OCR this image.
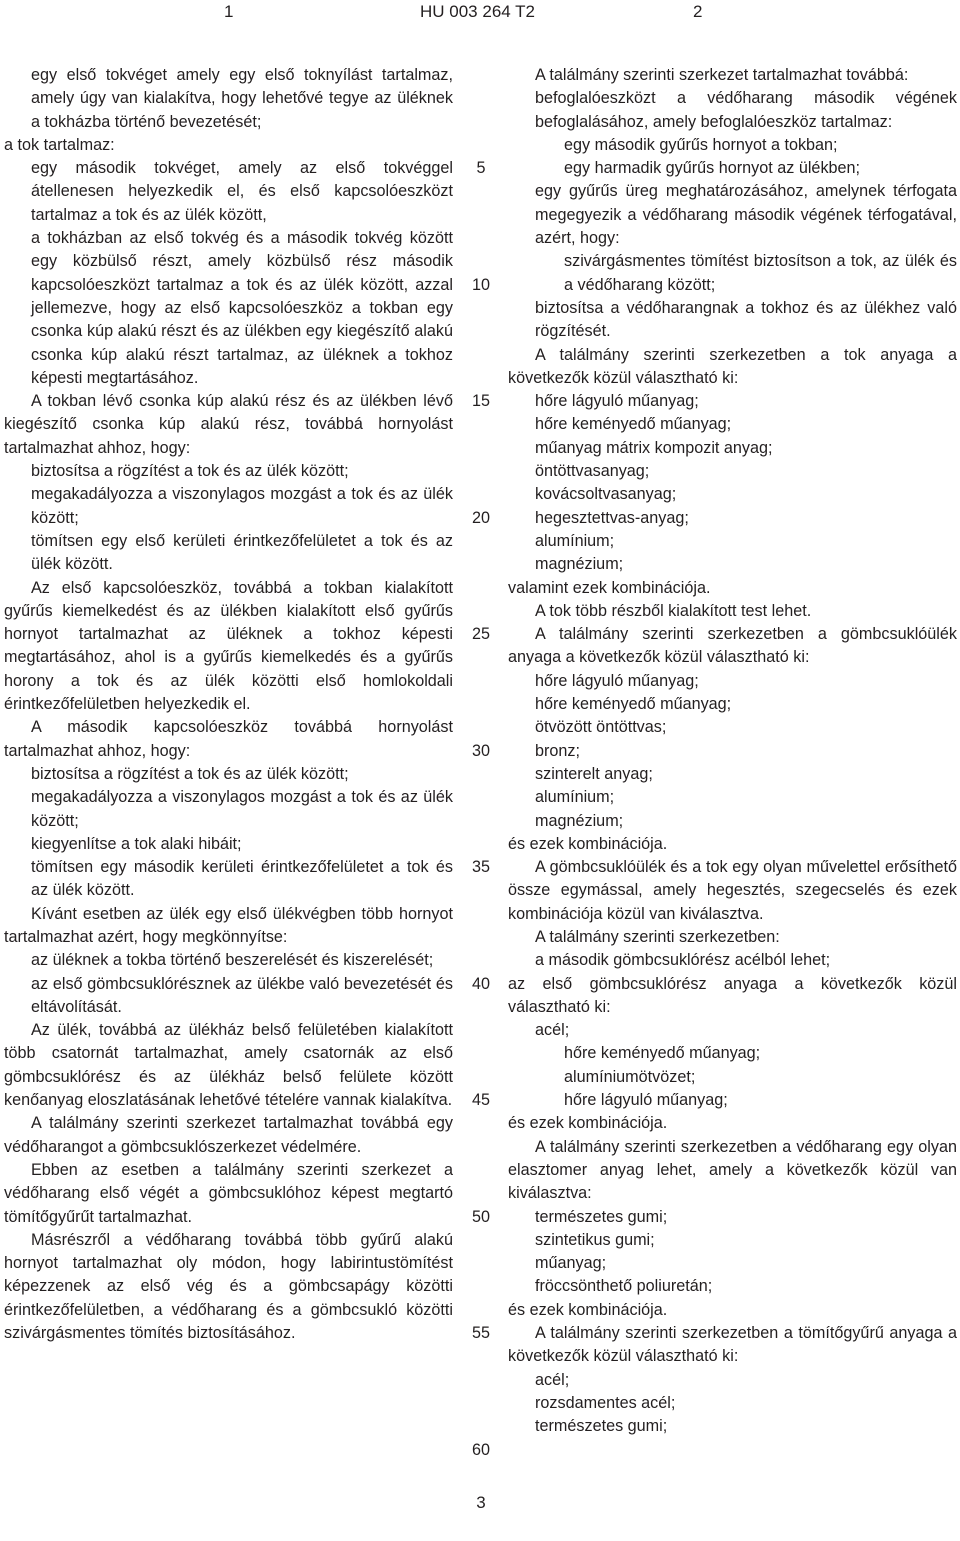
1	HU 003 264 T2	2

egy első tokvéget amely egy első toknyílást tartalmaz, amely úgy van kialakítva, hogy lehetővé tegye az üléknek a tokházba történő bevezetését;

a tok tartalmaz:

egy második tokvéget, amely az első tokvéggel átellenesen helyezkedik el, és első kapcsolóeszközt tartalmaz a tok és az ülék között,

a tokházban az első tokvég és a második tokvég között egy közbülső részt, amely közbülső rész második kapcsolóeszközt tartalmaz a tok és az ülék között, azzal jellemezve, hogy az első kapcsolóeszköz a tokban egy csonka kúp alakú részt és az ülékben egy kiegészítő alakú csonka kúp alakú részt tartalmaz, az üléknek a tokhoz képesti megtartásához.

A tokban lévő csonka kúp alakú rész és az ülékben lévő kiegészítő csonka kúp alakú rész, továbbá hornyolást tartalmazhat ahhoz, hogy:

biztosítsa a rögzítést a tok és az ülék között;

megakadályozza a viszonylagos mozgást a tok és az ülék között;

tömítsen egy első kerületi érintkezőfelületet a tok és az ülék között.

Az első kapcsolóeszköz, továbbá a tokban kialakított gyűrűs kiemelkedést és az ülékben kialakított első gyűrűs hornyot tartalmazhat az üléknek a tokhoz képesti megtartásához, ahol is a gyűrűs kiemelkedés és a gyűrűs horony a tok és az ülék közötti első homlokoldali érintkezőfelületben helyezkedik el.

A második kapcsolóeszköz továbbá hornyolást tartalmazhat ahhoz, hogy:

biztosítsa a rögzítést a tok és az ülék között;

megakadályozza a viszonylagos mozgást a tok és az ülék között;

kiegyenlítse a tok alaki hibáit;

tömítsen egy második kerületi érintkezőfelületet a tok és az ülék között.

Kívánt esetben az ülék egy első ülékvégben több hornyot tartalmazhat azért, hogy megkönnyítse:

az üléknek a tokba történő beszerelését és kiszerelését;

az első gömbcsuklórésznek az ülékbe való bevezetését és eltávolítását.

Az ülék, továbbá az ülékház belső felületében kialakított több csatornát tartalmazhat, amely csatornák az első gömbcsuklórész és az ülékház belső felülete között kenőanyag eloszlatásának lehetővé tételére vannak kialakítva.

A találmány szerinti szerkezet tartalmazhat továbbá egy védőharangot a gömbcsuklószerkezet védelmére.

Ebben az esetben a találmány szerinti szerkezet a védőharang első végét a gömbcsuklóhoz képest megtartó tömítőgyűrűt tartalmazhat.

Másrészről a védőharang továbbá több gyűrű alakú hornyot tartalmazhat oly módon, hogy labirintustömítést képezzenek az első vég és a gömbcsapágy közötti érintkezőfelületben, a védőharang és a gömbcsukló közötti szivárgásmentes tömítés biztosításához.

5
10
15
20
25
30
35
40
45
50
55
60

A találmány szerinti szerkezet tartalmazhat továbbá:

befoglalóeszközt a védőharang második végének befoglalásához, amely befoglalóeszköz tartalmaz:

egy második gyűrűs hornyot a tokban;

egy harmadik gyűrűs hornyot az ülékben;

egy gyűrűs üreg meghatározásához, amelynek térfogata megegyezik a védőharang második végének térfogatával, azért, hogy:

szivárgásmentes tömítést biztosítson a tok, az ülék és a védőharang között;

biztosítsa a védőharangnak a tokhoz és az ülékhez való rögzítését.

A találmány szerinti szerkezetben a tok anyaga a következők közül választható ki:

hőre lágyuló műanyag;

hőre keményedő műanyag;

műanyag mátrix kompozit anyag;

öntöttvasanyag;

kovácsoltvasanyag;

hegesztettvas-anyag;

alumínium;

magnézium;

valamint ezek kombinációja.

A tok több részből kialakított test lehet.

A találmány szerinti szerkezetben a gömbcsuklóülék anyaga a következők közül választható ki:

hőre lágyuló műanyag;

hőre keményedő műanyag;

ötvözött öntöttvas;

bronz;

szinterelt anyag;

alumínium;

magnézium;

és ezek kombinációja.

A gömbcsuklóülék és a tok egy olyan művelettel erősíthető össze egymással, amely hegesztés, szegecselés és ezek kombinációja közül van kiválasztva.

A találmány szerinti szerkezetben:

a második gömbcsuklórész acélból lehet;

az első gömbcsuklórész anyaga a következők közül választható ki:

acél;

hőre keményedő műanyag;

alumíniumötvözet;

hőre lágyuló műanyag;

és ezek kombinációja.

A találmány szerinti szerkezetben a védőharang egy olyan elasztomer anyag lehet, amely a következők közül van kiválasztva:

természetes gumi;

szintetikus gumi;

műanyag;

fröccsönthető poliuretán;

és ezek kombinációja.

A találmány szerinti szerkezetben a tömítőgyűrű anyaga a következők közül választható ki:

acél;

rozsdamentes acél;

természetes gumi;

3
